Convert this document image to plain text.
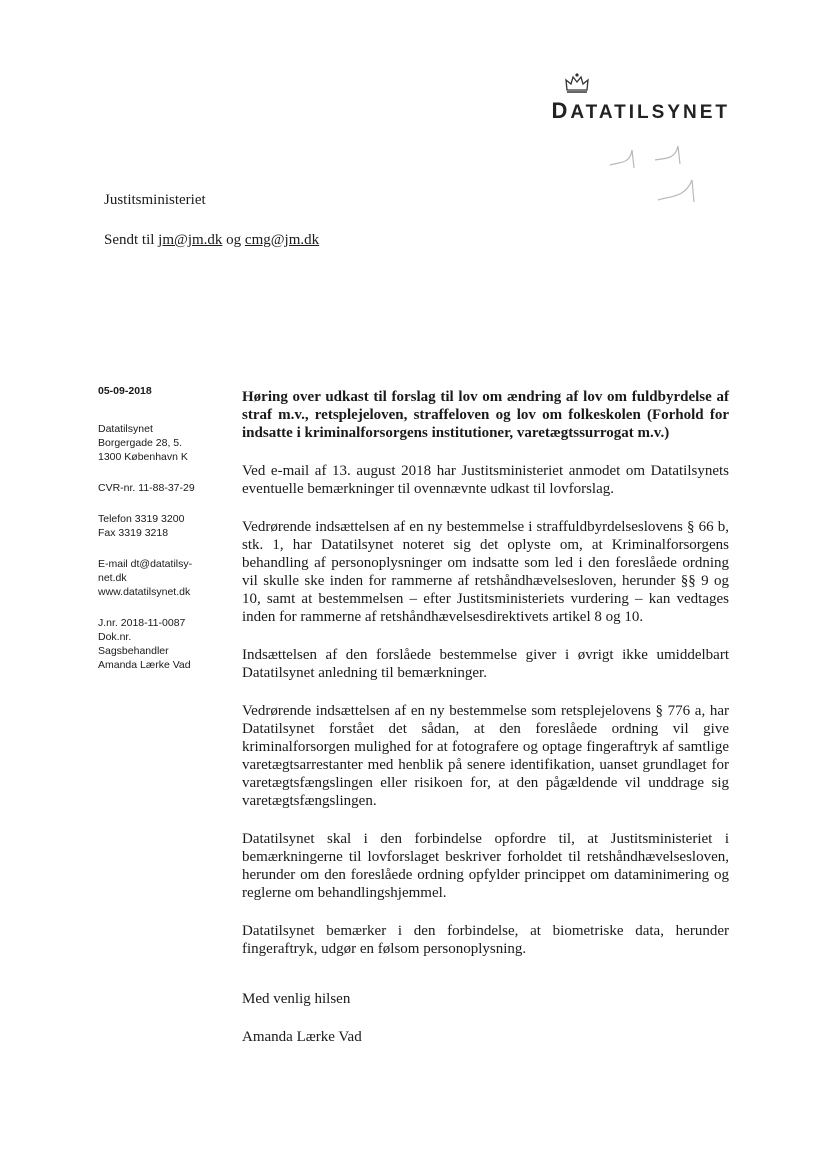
DATATILSYNET
Justitsministeriet
Sendt til jm@jm.dk og cmg@jm.dk
05-09-2018
Datatilsynet
Borgergade 28, 5.
1300 København K
CVR-nr. 11-88-37-29
Telefon 3319 3200
Fax 3319 3218
E-mail dt@datatilsy-
net.dk
www.datatilsynet.dk
J.nr. 2018-11-0087
Dok.nr.
Sagsbehandler
Amanda Lærke Vad

Høring over udkast til forslag til lov om ændring af lov om fuldbyrdelse af straf m.v., retsplejeloven, straffeloven og lov om folkeskolen (Forhold for indsatte i kriminalforsorgens institutioner, varetægtssurrogat m.v.)

Ved e-mail af 13. august 2018 har Justitsministeriet anmodet om Datatilsynets eventuelle bemærkninger til ovennævnte udkast til lovforslag.

Vedrørende indsættelsen af en ny bestemmelse i straffuldbyrdelseslovens § 66 b, stk. 1, har Datatilsynet noteret sig det oplyste om, at Kriminalforsorgens behandling af personoplysninger om indsatte som led i den foreslåede ordning vil skulle ske inden for rammerne af retshåndhævelsesloven, herunder §§ 9 og 10, samt at bestemmelsen – efter Justitsministeriets vurdering – kan vedtages inden for rammerne af retshåndhævelsesdirektivets artikel 8 og 10.

Indsættelsen af den forslåede bestemmelse giver i øvrigt ikke umiddelbart Datatilsynet anledning til bemærkninger.

Vedrørende indsættelsen af en ny bestemmelse som retsplejelovens § 776 a, har Datatilsynet forstået det sådan, at den foreslåede ordning vil give kriminalforsorgen mulighed for at fotografere og optage fingeraftryk af samtlige varetægtsarrestanter med henblik på senere identifikation, uanset grundlaget for varetægtsfængslingen eller risikoen for, at den pågældende vil unddrage sig varetægtsfængslingen.

Datatilsynet skal i den forbindelse opfordre til, at Justitsministeriet i bemærkningerne til lovforslaget beskriver forholdet til retshåndhævelsesloven, herunder om den foreslåede ordning opfylder princippet om dataminimering og reglerne om behandlingshjemmel.

Datatilsynet bemærker i den forbindelse, at biometriske data, herunder fingeraftryk, udgør en følsom personoplysning.

Med venlig hilsen
Amanda Lærke Vad
